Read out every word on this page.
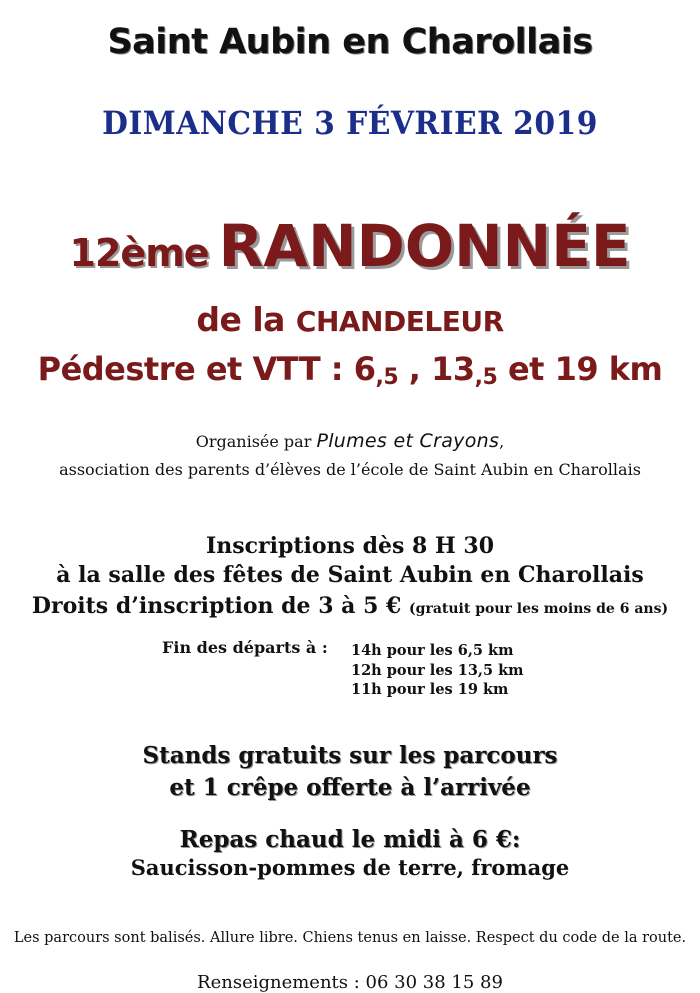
Saint Aubin en Charollais
DIMANCHE 3 FÉVRIER 2019
12ème RANDONNÉE
de la CHANDELEUR
Pédestre et VTT : 6,5 , 13,5 et 19 km
Organisée par Plumes et Crayons,
association des parents d’élèves de l’école de Saint Aubin en Charollais
Inscriptions dès 8 H 30
à la salle des fêtes de Saint Aubin en Charollais
Droits d’inscription de 3 à 5 € (gratuit pour les moins de 6 ans)
Fin des départs à : 14h pour les 6,5 km
12h pour les 13,5 km
11h pour les 19 km
Stands gratuits sur les parcours
et 1 crêpe offerte à l’arrivée
Repas chaud le midi à 6 €:
Saucisson-pommes de terre, fromage
Les parcours sont balisés. Allure libre. Chiens tenus en laisse. Respect du code de la route.
Renseignements : 06 30 38 15 89
